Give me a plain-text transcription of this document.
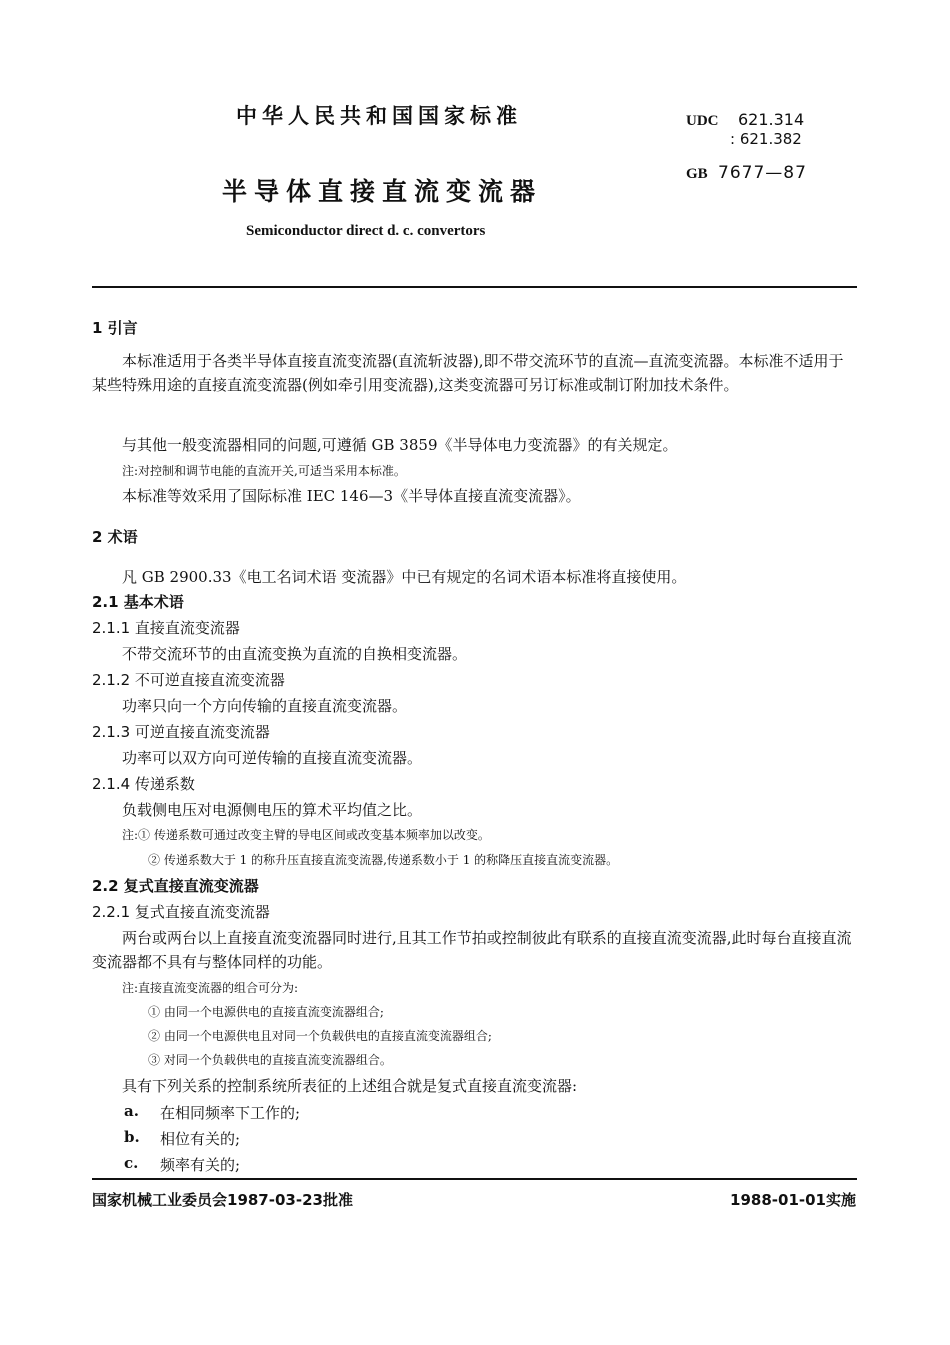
中华人民共和国国家标准
半导体直接直流变流器
Semiconductor direct d. c. convertors
UDC 621.314
: 621.382
GB 7677—87
1 引言
本标准适用于各类半导体直接直流变流器(直流斩波器),即不带交流环节的直流—直流变流器。本标准不适用于某些特殊用途的直接直流变流器(例如牵引用变流器),这类变流器可另订标准或制订附加技术条件。
与其他一般变流器相同的问题,可遵循 GB 3859《半导体电力变流器》的有关规定。
注:对控制和调节电能的直流开关,可适当采用本标准。
本标准等效采用了国际标准 IEC 146—3《半导体直接直流变流器》。
2 术语
凡 GB 2900.33《电工名词术语 变流器》中已有规定的名词术语本标准将直接使用。
2.1 基本术语
2.1.1 直接直流变流器
不带交流环节的由直流变换为直流的自换相变流器。
2.1.2 不可逆直接直流变流器
功率只向一个方向传输的直接直流变流器。
2.1.3 可逆直接直流变流器
功率可以双方向可逆传输的直接直流变流器。
2.1.4 传递系数
负载侧电压对电源侧电压的算术平均值之比。
注:① 传递系数可通过改变主臂的导电区间或改变基本频率加以改变。
② 传递系数大于 1 的称升压直接直流变流器,传递系数小于 1 的称降压直接直流变流器。
2.2 复式直接直流变流器
2.2.1 复式直接直流变流器
两台或两台以上直接直流变流器同时进行,且其工作节拍或控制彼此有联系的直接直流变流器,此时每台直接直流变流器都不具有与整体同样的功能。
注:直接直流变流器的组合可分为:
① 由同一个电源供电的直接直流变流器组合;
② 由同一个电源供电且对同一个负载供电的直接直流变流器组合;
③ 对同一个负载供电的直接直流变流器组合。
具有下列关系的控制系统所表征的上述组合就是复式直接直流变流器:
a. 在相同频率下工作的;
b. 相位有关的;
c. 频率有关的;
国家机械工业委员会1987-03-23批准	1988-01-01实施
